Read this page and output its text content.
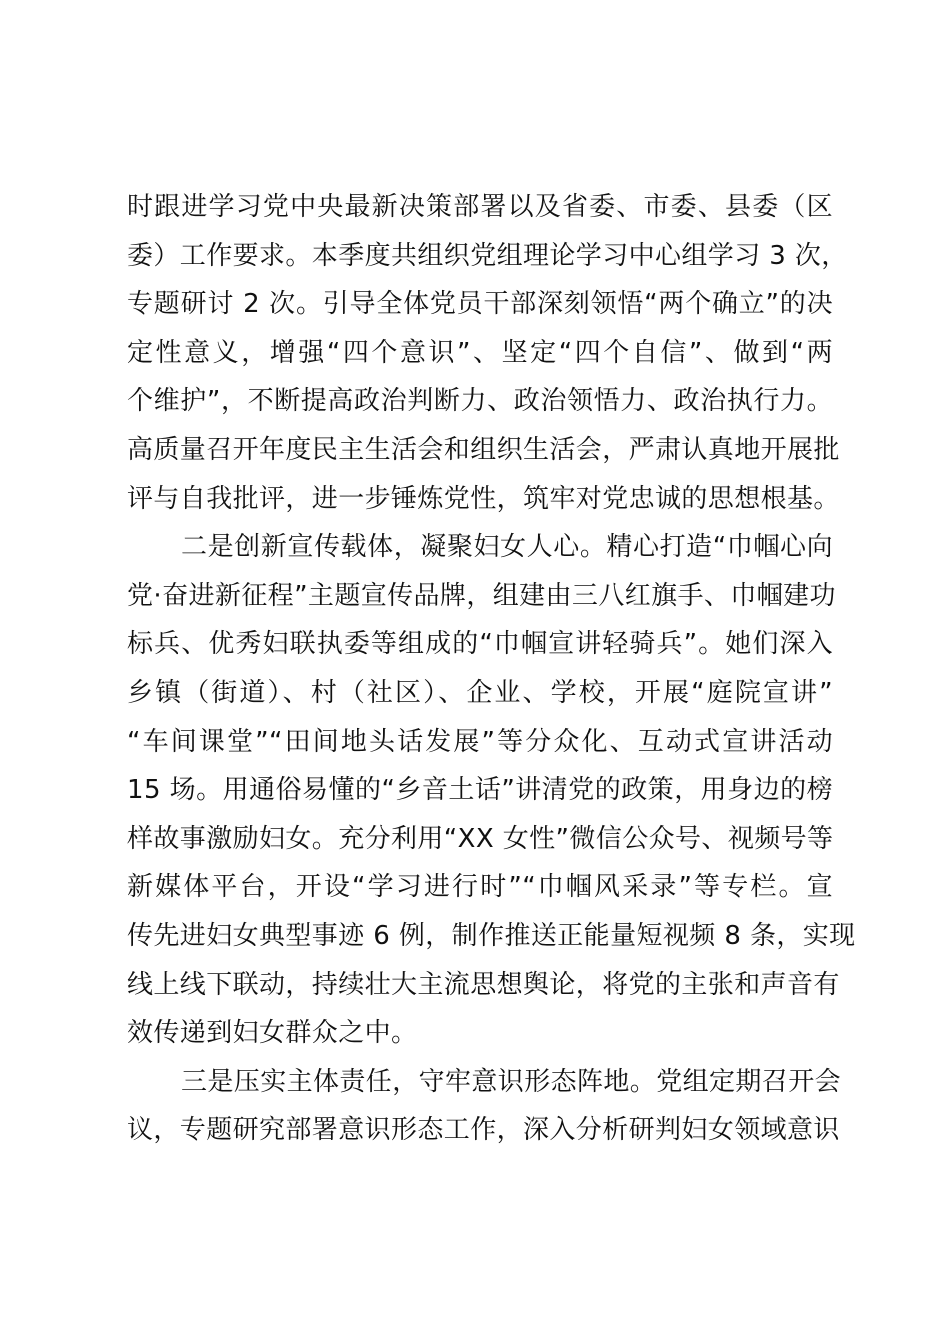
时跟进学习党中央最新决策部署以及省委、市委、县委（区
委）工作要求。本季度共组织党组理论学习中心组学习 3 次，
专题研讨 2 次。引导全体党员干部深刻领悟“两个确立”的决
定性意义，增强“四个意识”、坚定“四个自信”、做到“两
个维护”，不断提高政治判断力、政治领悟力、政治执行力。
高质量召开年度民主生活会和组织生活会，严肃认真地开展批
评与自我批评，进一步锤炼党性，筑牢对党忠诚的思想根基。
二是创新宣传载体，凝聚妇女人心。精心打造“巾帼心向
党·奋进新征程”主题宣传品牌，组建由三八红旗手、巾帼建功
标兵、优秀妇联执委等组成的“巾帼宣讲轻骑兵”。她们深入
乡镇（街道）、村（社区）、企业、学校，开展“庭院宣讲”
“车间课堂”“田间地头话发展”等分众化、互动式宣讲活动
15 场。用通俗易懂的“乡音土话”讲清党的政策，用身边的榜
样故事激励妇女。充分利用“XX 女性”微信公众号、视频号等
新媒体平台，开设“学习进行时”“巾帼风采录”等专栏。宣
传先进妇女典型事迹 6 例，制作推送正能量短视频 8 条，实现
线上线下联动，持续壮大主流思想舆论，将党的主张和声音有
效传递到妇女群众之中。
三是压实主体责任，守牢意识形态阵地。党组定期召开会
议，专题研究部署意识形态工作，深入分析研判妇女领域意识
